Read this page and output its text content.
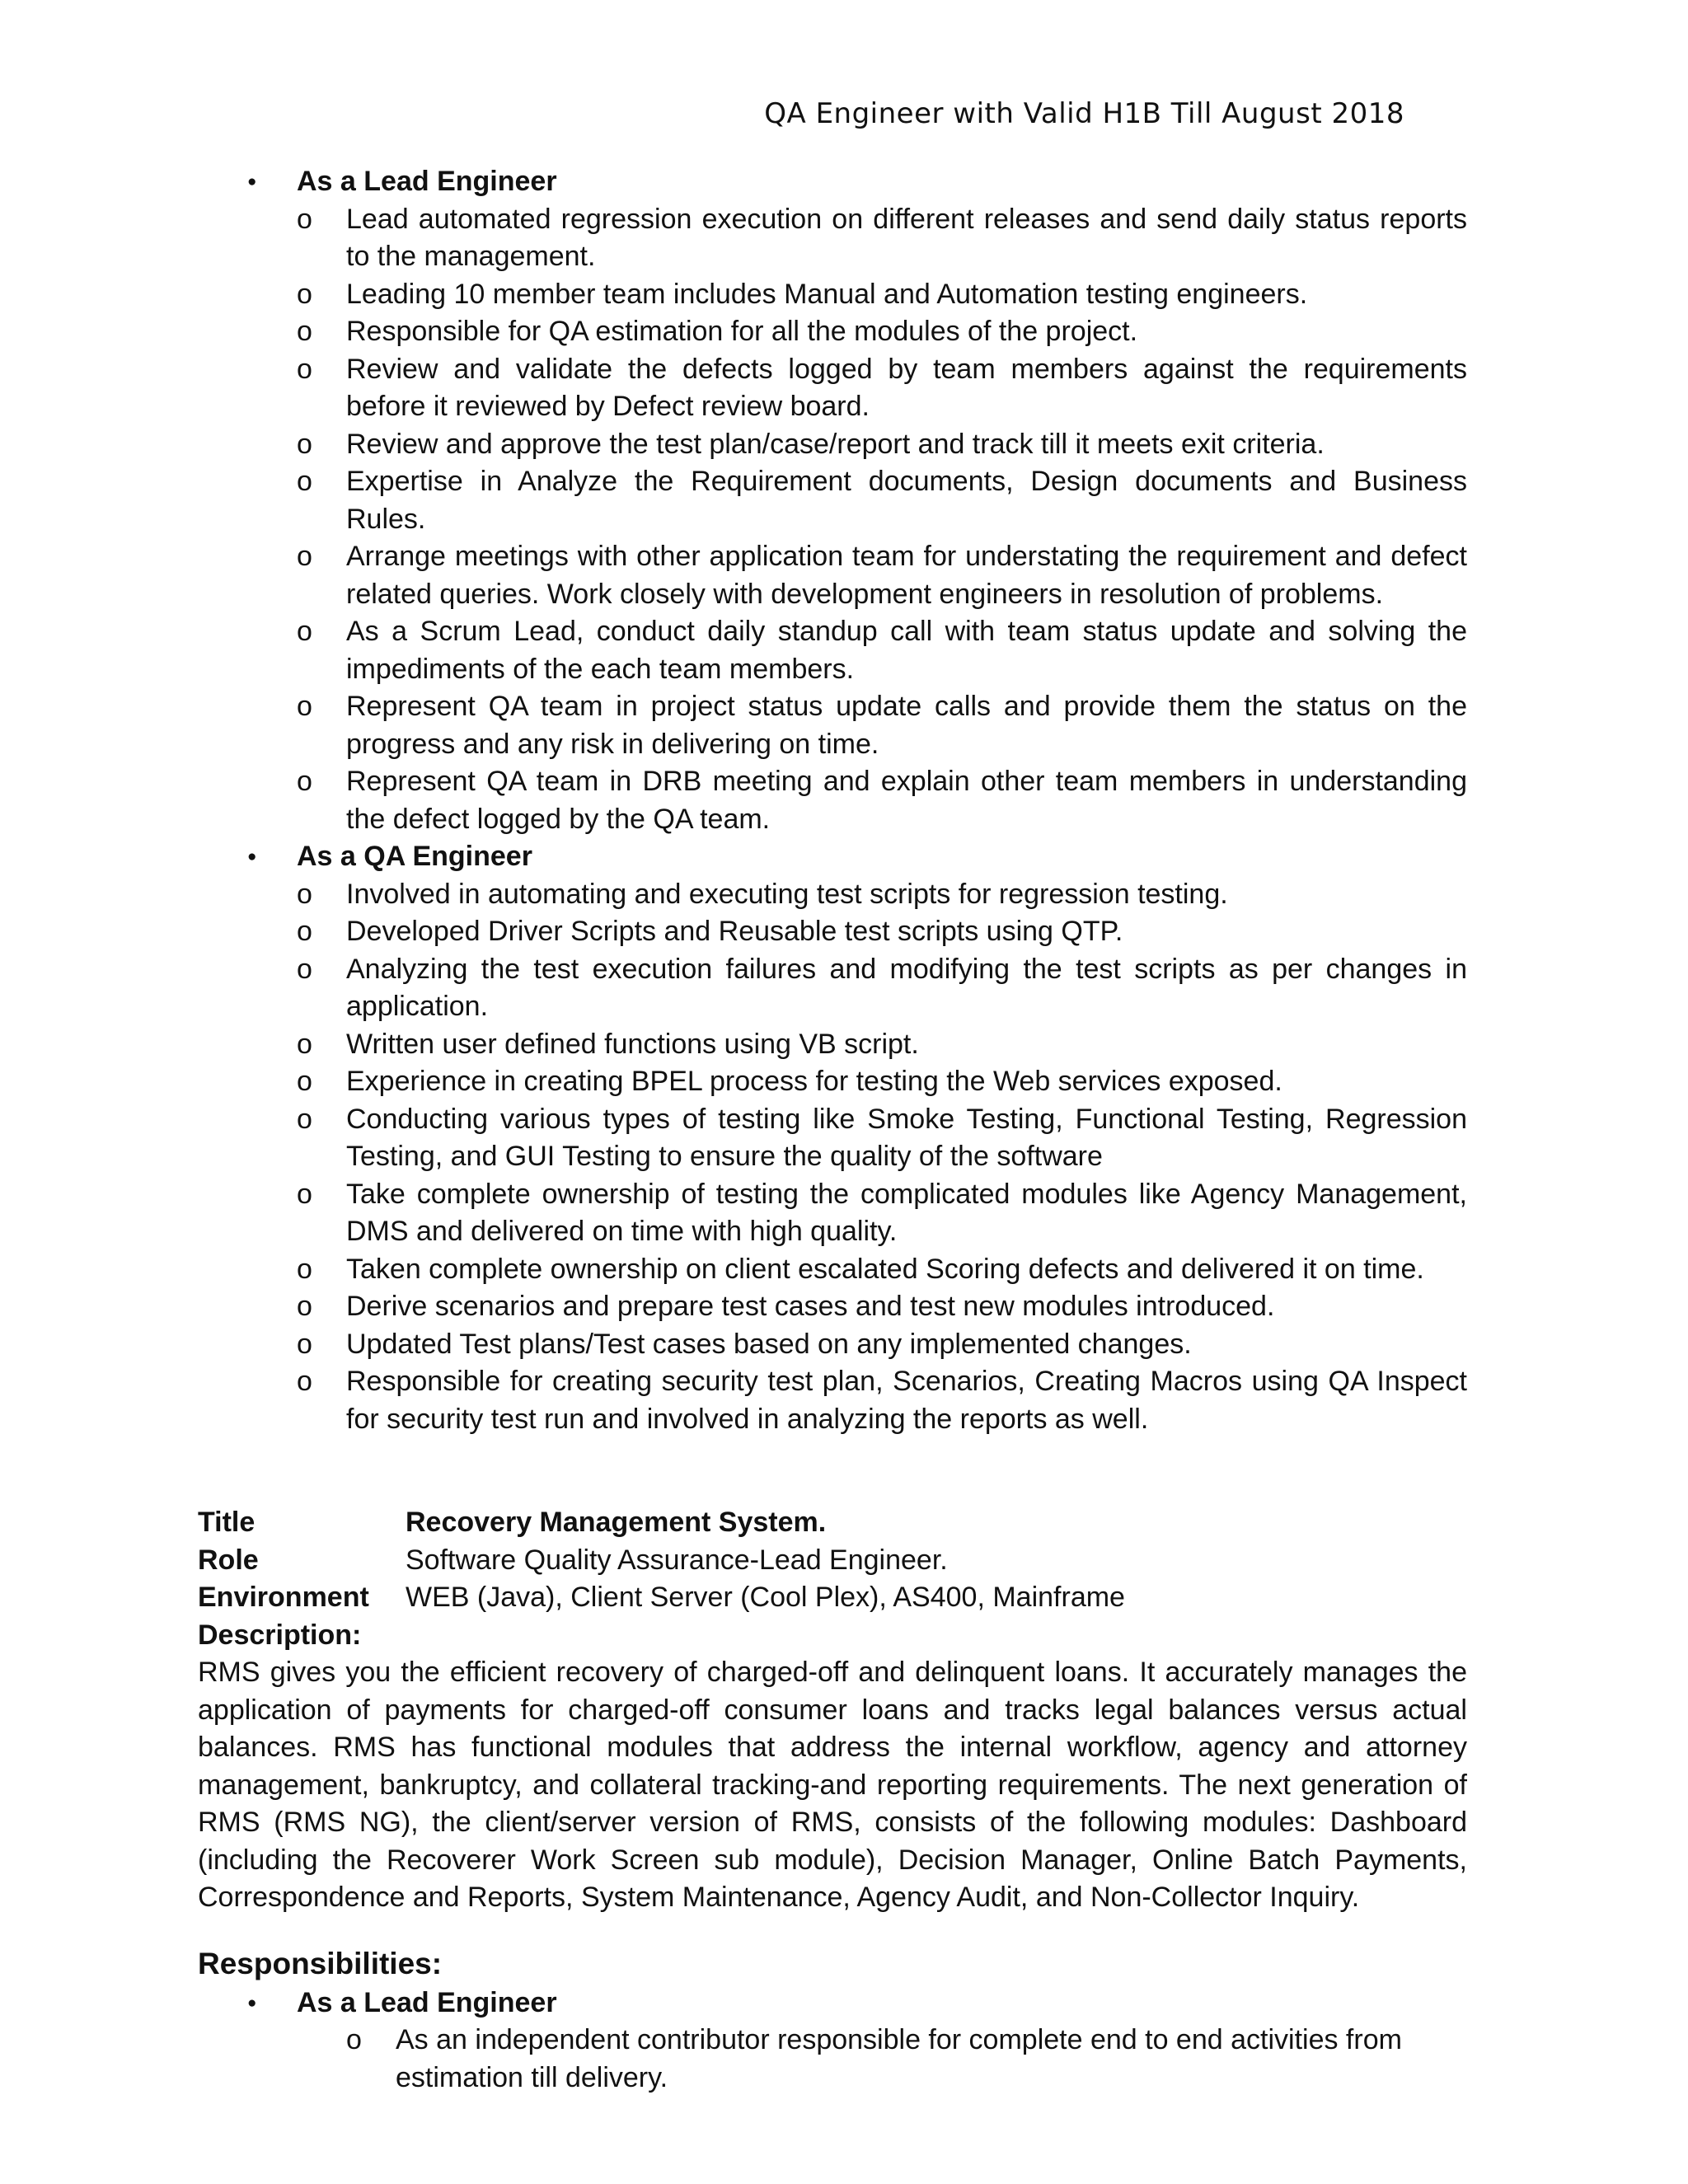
QA Engineer with Valid H1B Till August 2018
● As a Lead Engineer
o Lead automated regression execution on different releases and send daily status reports to the management.
o Leading 10 member team includes Manual and Automation testing engineers.
o Responsible for QA estimation for all the modules of the project.
o Review and validate the defects logged by team members against the requirements before it reviewed by Defect review board.
o Review and approve the test plan/case/report and track till it meets exit criteria.
o Expertise in Analyze the Requirement documents, Design documents and Business Rules.
o Arrange meetings with other application team for understating the requirement and defect related queries. Work closely with development engineers in resolution of problems.
o As a Scrum Lead, conduct daily standup call with team status update and solving the impediments of the each team members.
o Represent QA team in project status update calls and provide them the status on the progress and any risk in delivering on time.
o Represent QA team in DRB meeting and explain other team members in understanding the defect logged by the QA team.
● As a QA Engineer
o Involved in automating and executing test scripts for regression testing.
o Developed Driver Scripts and Reusable test scripts using QTP.
o Analyzing the test execution failures and modifying the test scripts as per changes in application.
o Written user defined functions using VB script.
o Experience in creating BPEL process for testing the Web services exposed.
o Conducting various types of testing like Smoke Testing, Functional Testing, Regression Testing, and GUI Testing to ensure the quality of the software
o Take complete ownership of testing the complicated modules like Agency Management, DMS and delivered on time with high quality.
o Taken complete ownership on client escalated Scoring defects and delivered it on time.
o Derive scenarios and prepare test cases and test new modules introduced.
o Updated Test plans/Test cases based on any implemented changes.
o Responsible for creating security test plan, Scenarios, Creating Macros using QA Inspect for security test run and involved in analyzing the reports as well.
Title	Recovery Management System.
Role	Software Quality Assurance-Lead Engineer.
Environment	WEB (Java), Client Server (Cool Plex), AS400, Mainframe
Description:
RMS gives you the efficient recovery of charged-off and delinquent loans. It accurately manages the application of payments for charged-off consumer loans and tracks legal balances versus actual balances. RMS has functional modules that address the internal workflow, agency and attorney management, bankruptcy, and collateral tracking-and reporting requirements. The next generation of RMS (RMS NG), the client/server version of RMS, consists of the following modules: Dashboard (including the Recoverer Work Screen sub module), Decision Manager, Online Batch Payments, Correspondence and Reports, System Maintenance, Agency Audit, and Non-Collector Inquiry.
Responsibilities:
● As a Lead Engineer
o As an independent contributor responsible for complete end to end activities from estimation till delivery.
